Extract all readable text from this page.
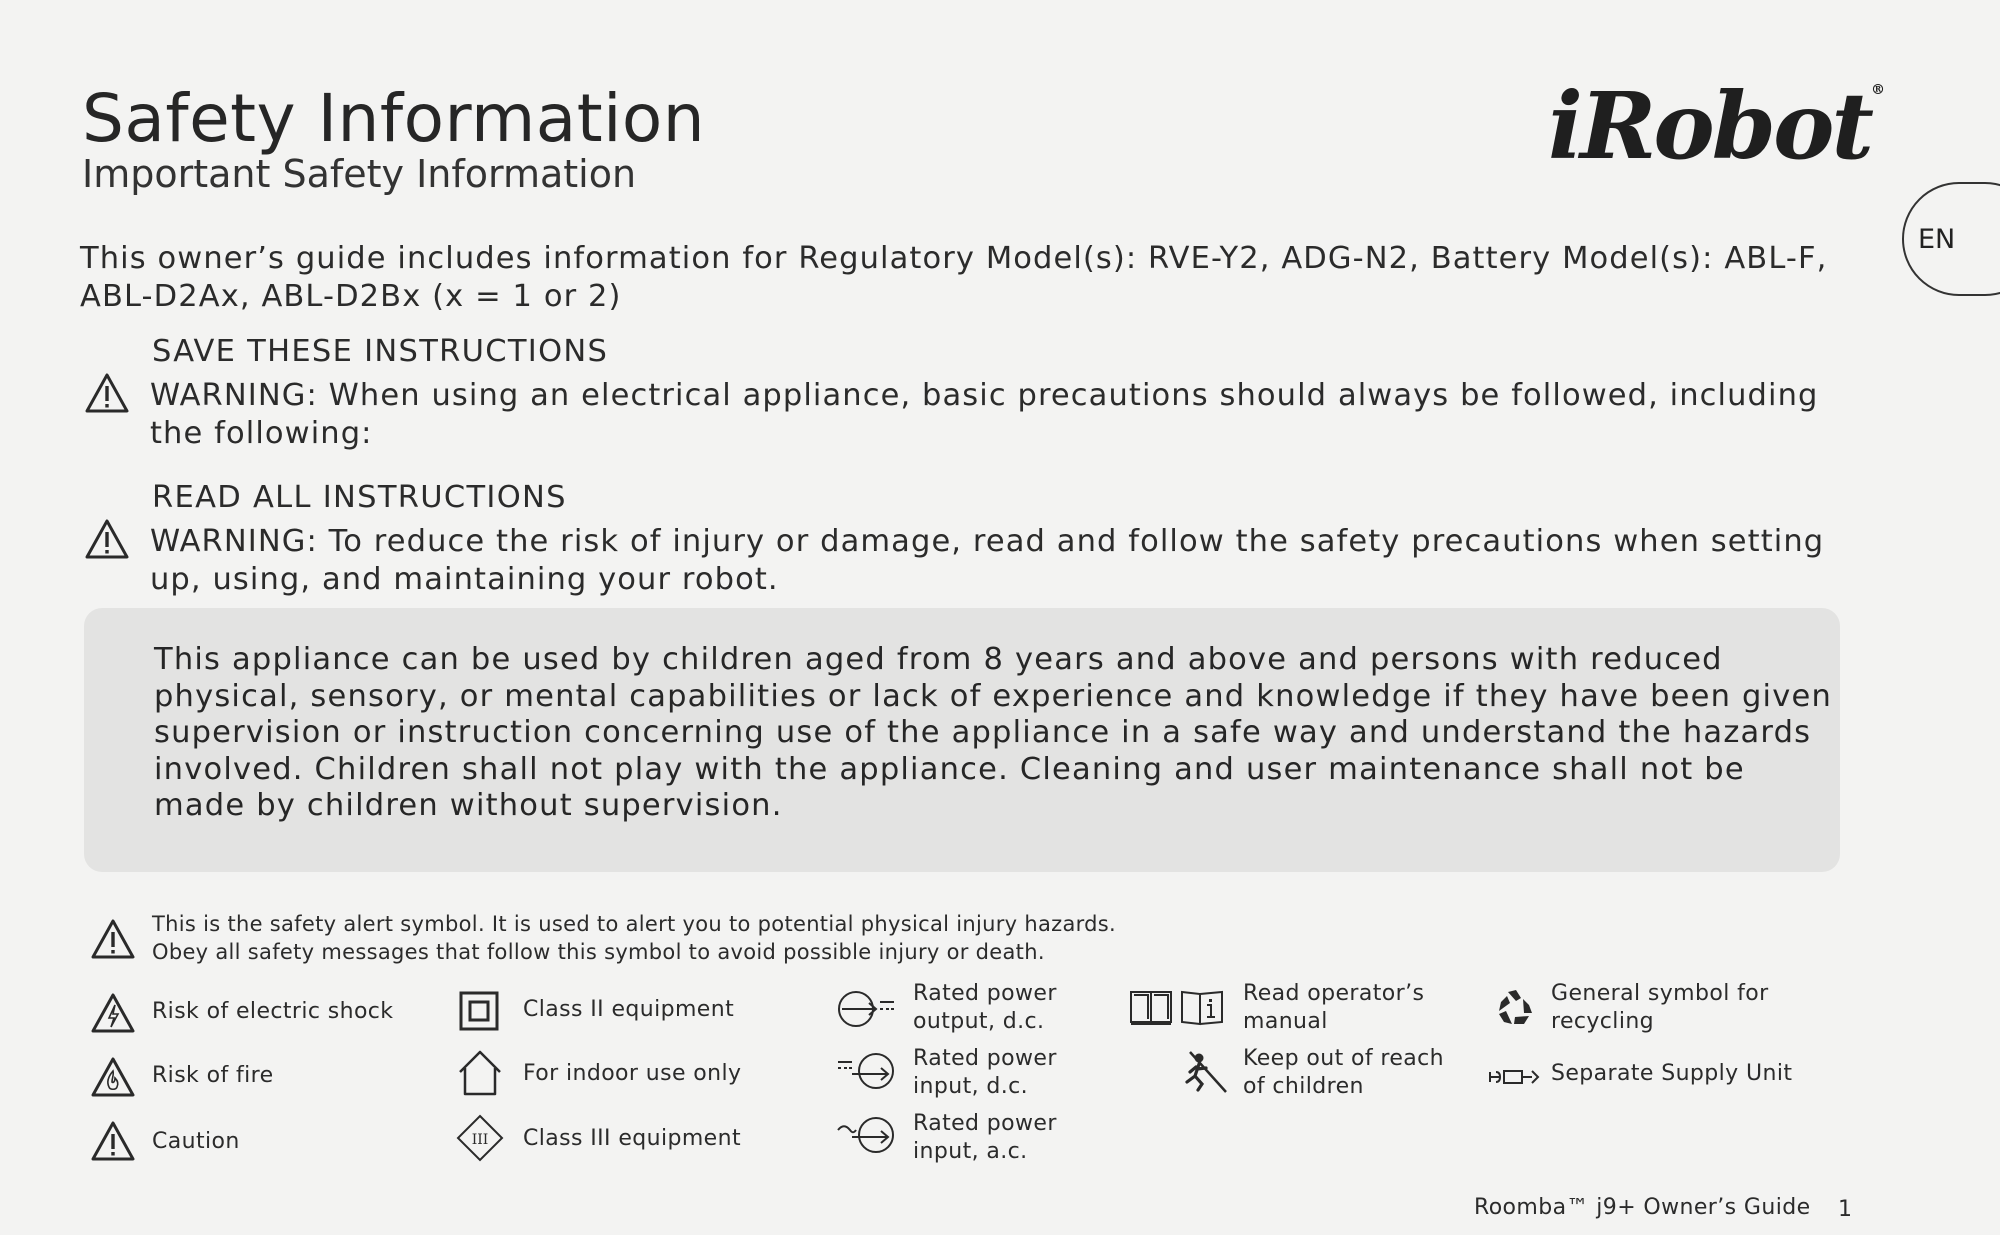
Safety Information
Important Safety Information	iRobot®
EN
This owner’s guide includes information for Regulatory Model(s): RVE-Y2, ADG-N2, Battery Model(s): ABL-F, ABL-D2Ax, ABL-D2Bx (x = 1 or 2)
SAVE THESE INSTRUCTIONS
WARNING: When using an electrical appliance, basic precautions should always be followed, including
the following:
READ ALL INSTRUCTIONS
WARNING: To reduce the risk of injury or damage, read and follow the safety precautions when setting
up, using, and maintaining your robot.

This appliance can be used by children aged from 8 years and above and persons with reduced physical, sensory, or mental capabilities or lack of experience and knowledge if they have been given supervision or instruction concerning use of the appliance in a safe way and understand the hazards involved. Children shall not play with the appliance. Cleaning and user maintenance shall not be made by children without supervision.

This is the safety alert symbol. It is used to alert you to potential physical injury hazards.
Obey all safety messages that follow this symbol to avoid possible injury or death.
Risk of electric shock
Risk of fire
Caution
Class II equipment
For indoor use only
III Class III equipment
Rated power
output, d.c.
Rated power
input, d.c.
Rated power
input, a.c.
Read operator’s
manual
Keep out of reach
of children
General symbol for
recycling
Separate Supply Unit
Roomba™ j9+ Owner’s Guide 1
